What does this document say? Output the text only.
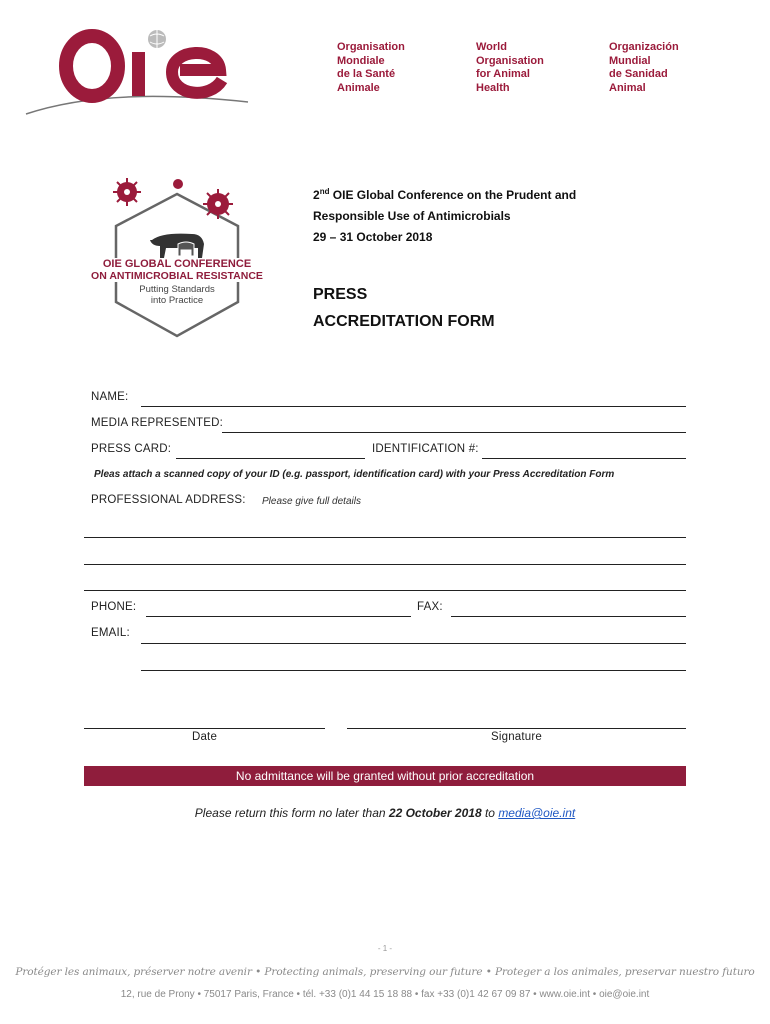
Organisation
Mondiale
de la Santé
Animale
World
Organisation
for Animal
Health
Organización
Mundial
de Sanidad
Animal
OIE GLOBAL CONFERENCE
ON ANTIMICROBIAL RESISTANCE
Putting Standards
into Practice
2nd OIE Global Conference on the Prudent and
Responsible Use of Antimicrobials
29 – 31 October 2018
PRESS
ACCREDITATION FORM
NAME:
MEDIA REPRESENTED:
PRESS CARD:	IDENTIFICATION #:
Pleas attach a scanned copy of your ID (e.g. passport, identification card) with your Press Accreditation Form
PROFESSIONAL ADDRESS: Please give full details
PHONE:	FAX:
EMAIL:
Date	Signature
No admittance will be granted without prior accreditation
Please return this form no later than 22 October 2018 to media@oie.int
- 1 -
Protéger les animaux, préserver notre avenir • Protecting animals, preserving our future • Proteger a los animales, preservar nuestro futuro
12, rue de Prony • 75017 Paris, France • tél. +33 (0)1 44 15 18 88 • fax +33 (0)1 42 67 09 87 • www.oie.int • oie@oie.int
